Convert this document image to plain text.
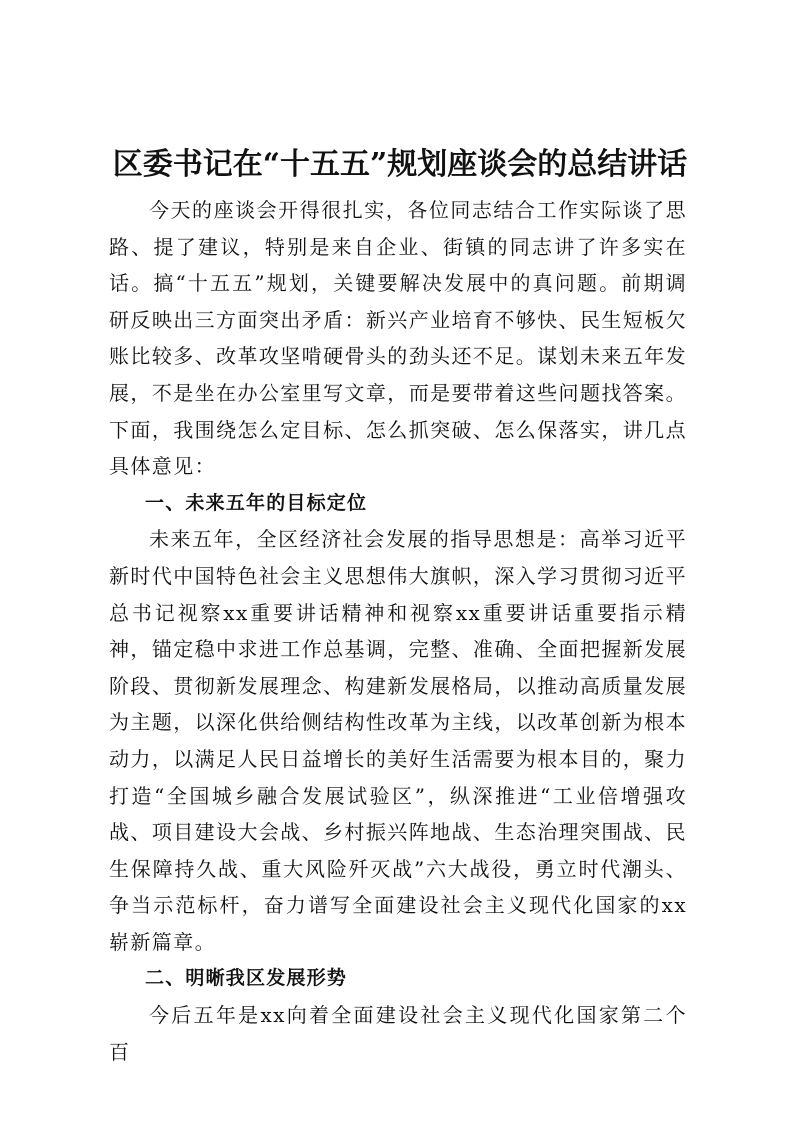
区委书记在“十五五”规划座谈会的总结讲话

今天的座谈会开得很扎实，各位同志结合工作实际谈了思路、提了建议，特别是来自企业、街镇的同志讲了许多实在话。搞“十五五”规划，关键要解决发展中的真问题。前期调研反映出三方面突出矛盾：新兴产业培育不够快、民生短板欠账比较多、改革攻坚啃硬骨头的劲头还不足。谋划未来五年发展，不是坐在办公室里写文章，而是要带着这些问题找答案。下面，我围绕怎么定目标、怎么抓突破、怎么保落实，讲几点具体意见：

一、未来五年的目标定位

未来五年，全区经济社会发展的指导思想是：高举习近平新时代中国特色社会主义思想伟大旗帜，深入学习贯彻习近平总书记视察xx重要讲话精神和视察xx重要讲话重要指示精神，锚定稳中求进工作总基调，完整、准确、全面把握新发展阶段、贯彻新发展理念、构建新发展格局，以推动高质量发展为主题，以深化供给侧结构性改革为主线，以改革创新为根本动力，以满足人民日益增长的美好生活需要为根本目的，聚力打造“全国城乡融合发展试验区”，纵深推进“工业倍增强攻战、项目建设大会战、乡村振兴阵地战、生态治理突围战、民生保障持久战、重大风险歼灭战”六大战役，勇立时代潮头、争当示范标杆，奋力谱写全面建设社会主义现代化国家的xx崭新篇章。

二、明晰我区发展形势

今后五年是xx向着全面建设社会主义现代化国家第二个百
